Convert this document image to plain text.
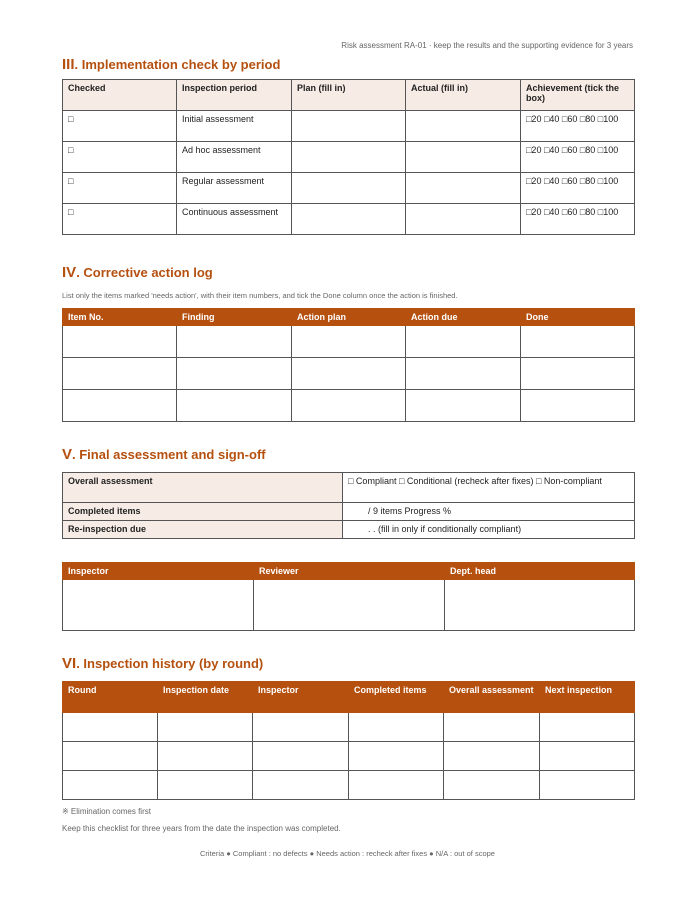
Risk assessment RA-01 · keep the results and the supporting evidence for 3 years
III. Implementation check by period
Checked	Inspection period	Plan (fill in)	Actual (fill in)	Achievement (tick the box)
□	Initial assessment			□20 □40 □60 □80 □100
□	Ad hoc assessment			□20 □40 □60 □80 □100
□	Regular assessment			□20 □40 □60 □80 □100
□	Continuous assessment			□20 □40 □60 □80 □100
IV. Corrective action log
List only the items marked 'needs action', with their item numbers, and tick the Done column once the action is finished.
Item No.	Finding	Action plan	Action due	Done

V. Final assessment and sign-off
Overall assessment	□ Compliant □ Conditional (recheck after fixes) □ Non-compliant
Completed items	/ 9 items Progress %
Re-inspection due	. . (fill in only if conditionally compliant)
Inspector	Reviewer	Dept. head

VI. Inspection history (by round)
Round	Inspection date	Inspector	Completed items	Overall assessment	Next inspection

※ Elimination comes first
Keep this checklist for three years from the date the inspection was completed.
Criteria ● Compliant : no defects ● Needs action : recheck after fixes ● N/A : out of scope
